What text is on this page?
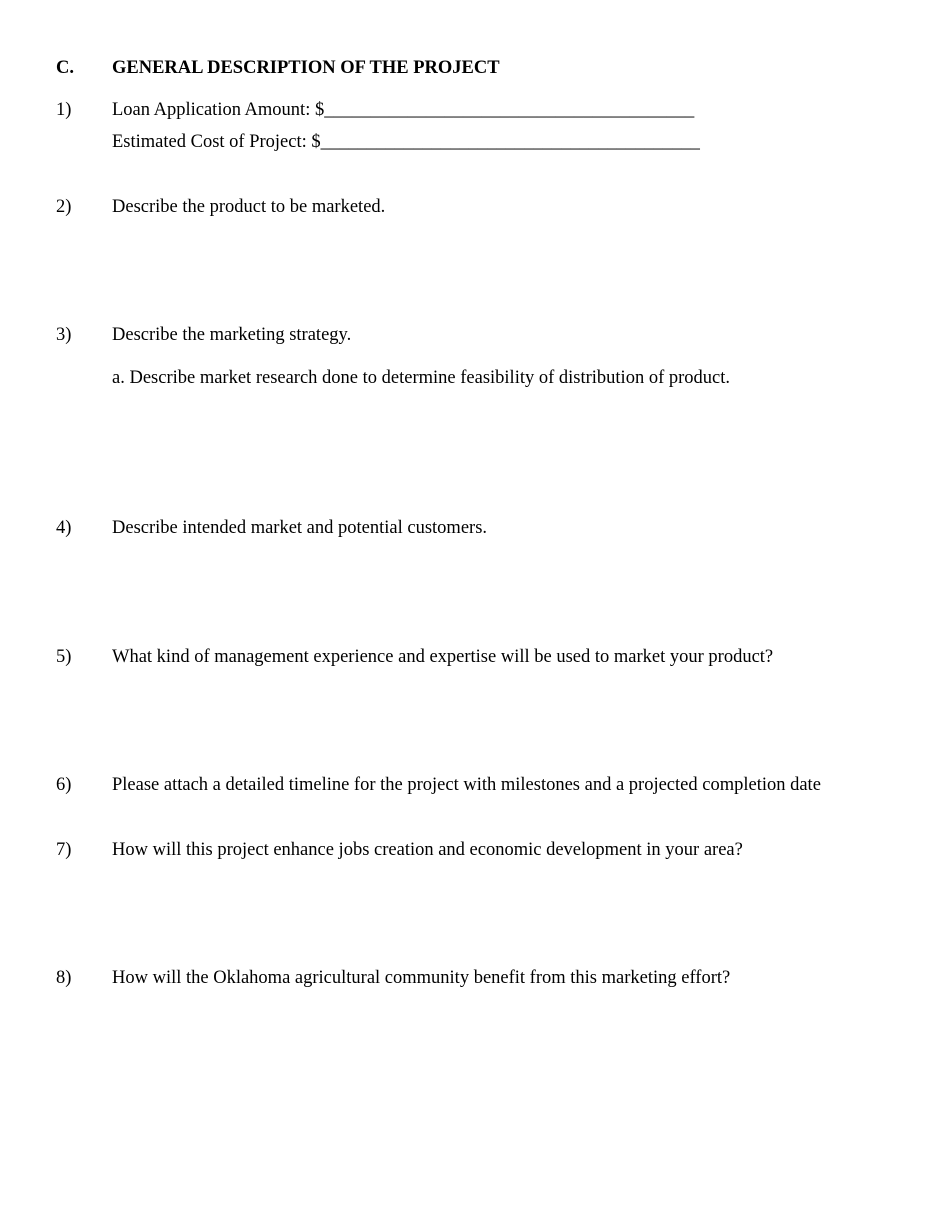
C. GENERAL DESCRIPTION OF THE PROJECT
1) Loan Application Amount: $________________________________________
Estimated Cost of Project: $_________________________________________
2) Describe the product to be marketed.
3) Describe the marketing strategy.
a. Describe market research done to determine feasibility of distribution of product.
4) Describe intended market and potential customers.
5) What kind of management experience and expertise will be used to market your product?
6) Please attach a detailed timeline for the project with milestones and a projected completion date
7) How will this project enhance jobs creation and economic development in your area?
8) How will the Oklahoma agricultural community benefit from this marketing effort?
